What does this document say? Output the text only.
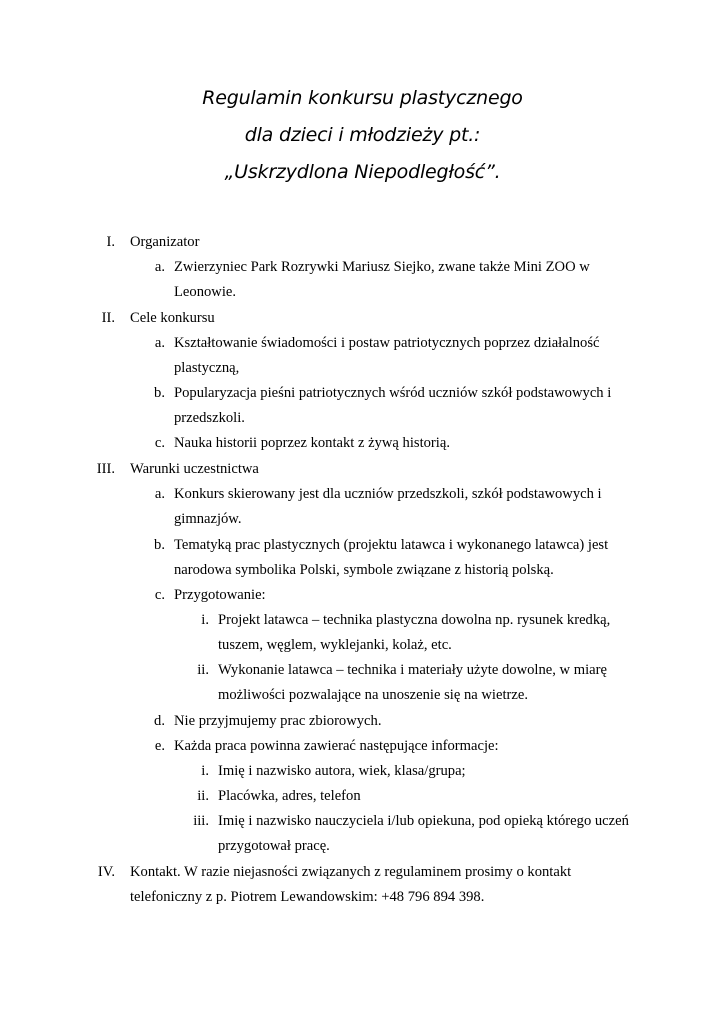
Regulamin konkursu plastycznego
dla dzieci i młodzieży pt.:
„Uskrzydlona Niepodległość”.
I. Organizator
a. Zwierzyniec Park Rozrywki Mariusz Siejko, zwane także Mini ZOO w
Leonowie.
II. Cele konkursu
a. Kształtowanie świadomości i postaw patriotycznych poprzez działalność
plastyczną,
b. Popularyzacja pieśni patriotycznych wśród uczniów szkół podstawowych i
przedszkoli.
c. Nauka historii poprzez kontakt z żywą historią.
III. Warunki uczestnictwa
a. Konkurs skierowany jest dla uczniów przedszkoli, szkół podstawowych i
gimnazjów.
b. Tematyką prac plastycznych (projektu latawca i wykonanego latawca) jest
narodowa symbolika Polski, symbole związane z historią polską.
c. Przygotowanie:
i. Projekt latawca – technika plastyczna dowolna np. rysunek kredką,
tuszem, węglem, wyklejanki, kolaż, etc.
ii. Wykonanie latawca – technika i materiały użyte dowolne, w miarę
możliwości pozwalające na unoszenie się na wietrze.
d. Nie przyjmujemy prac zbiorowych.
e. Każda praca powinna zawierać następujące informacje:
i. Imię i nazwisko autora, wiek, klasa/grupa;
ii. Placówka, adres, telefon
iii. Imię i nazwisko nauczyciela i/lub opiekuna, pod opieką którego uczeń
przygotował pracę.
IV. Kontakt. W razie niejasności związanych z regulaminem prosimy o kontakt
telefoniczny z p. Piotrem Lewandowskim: +48 796 894 398.
